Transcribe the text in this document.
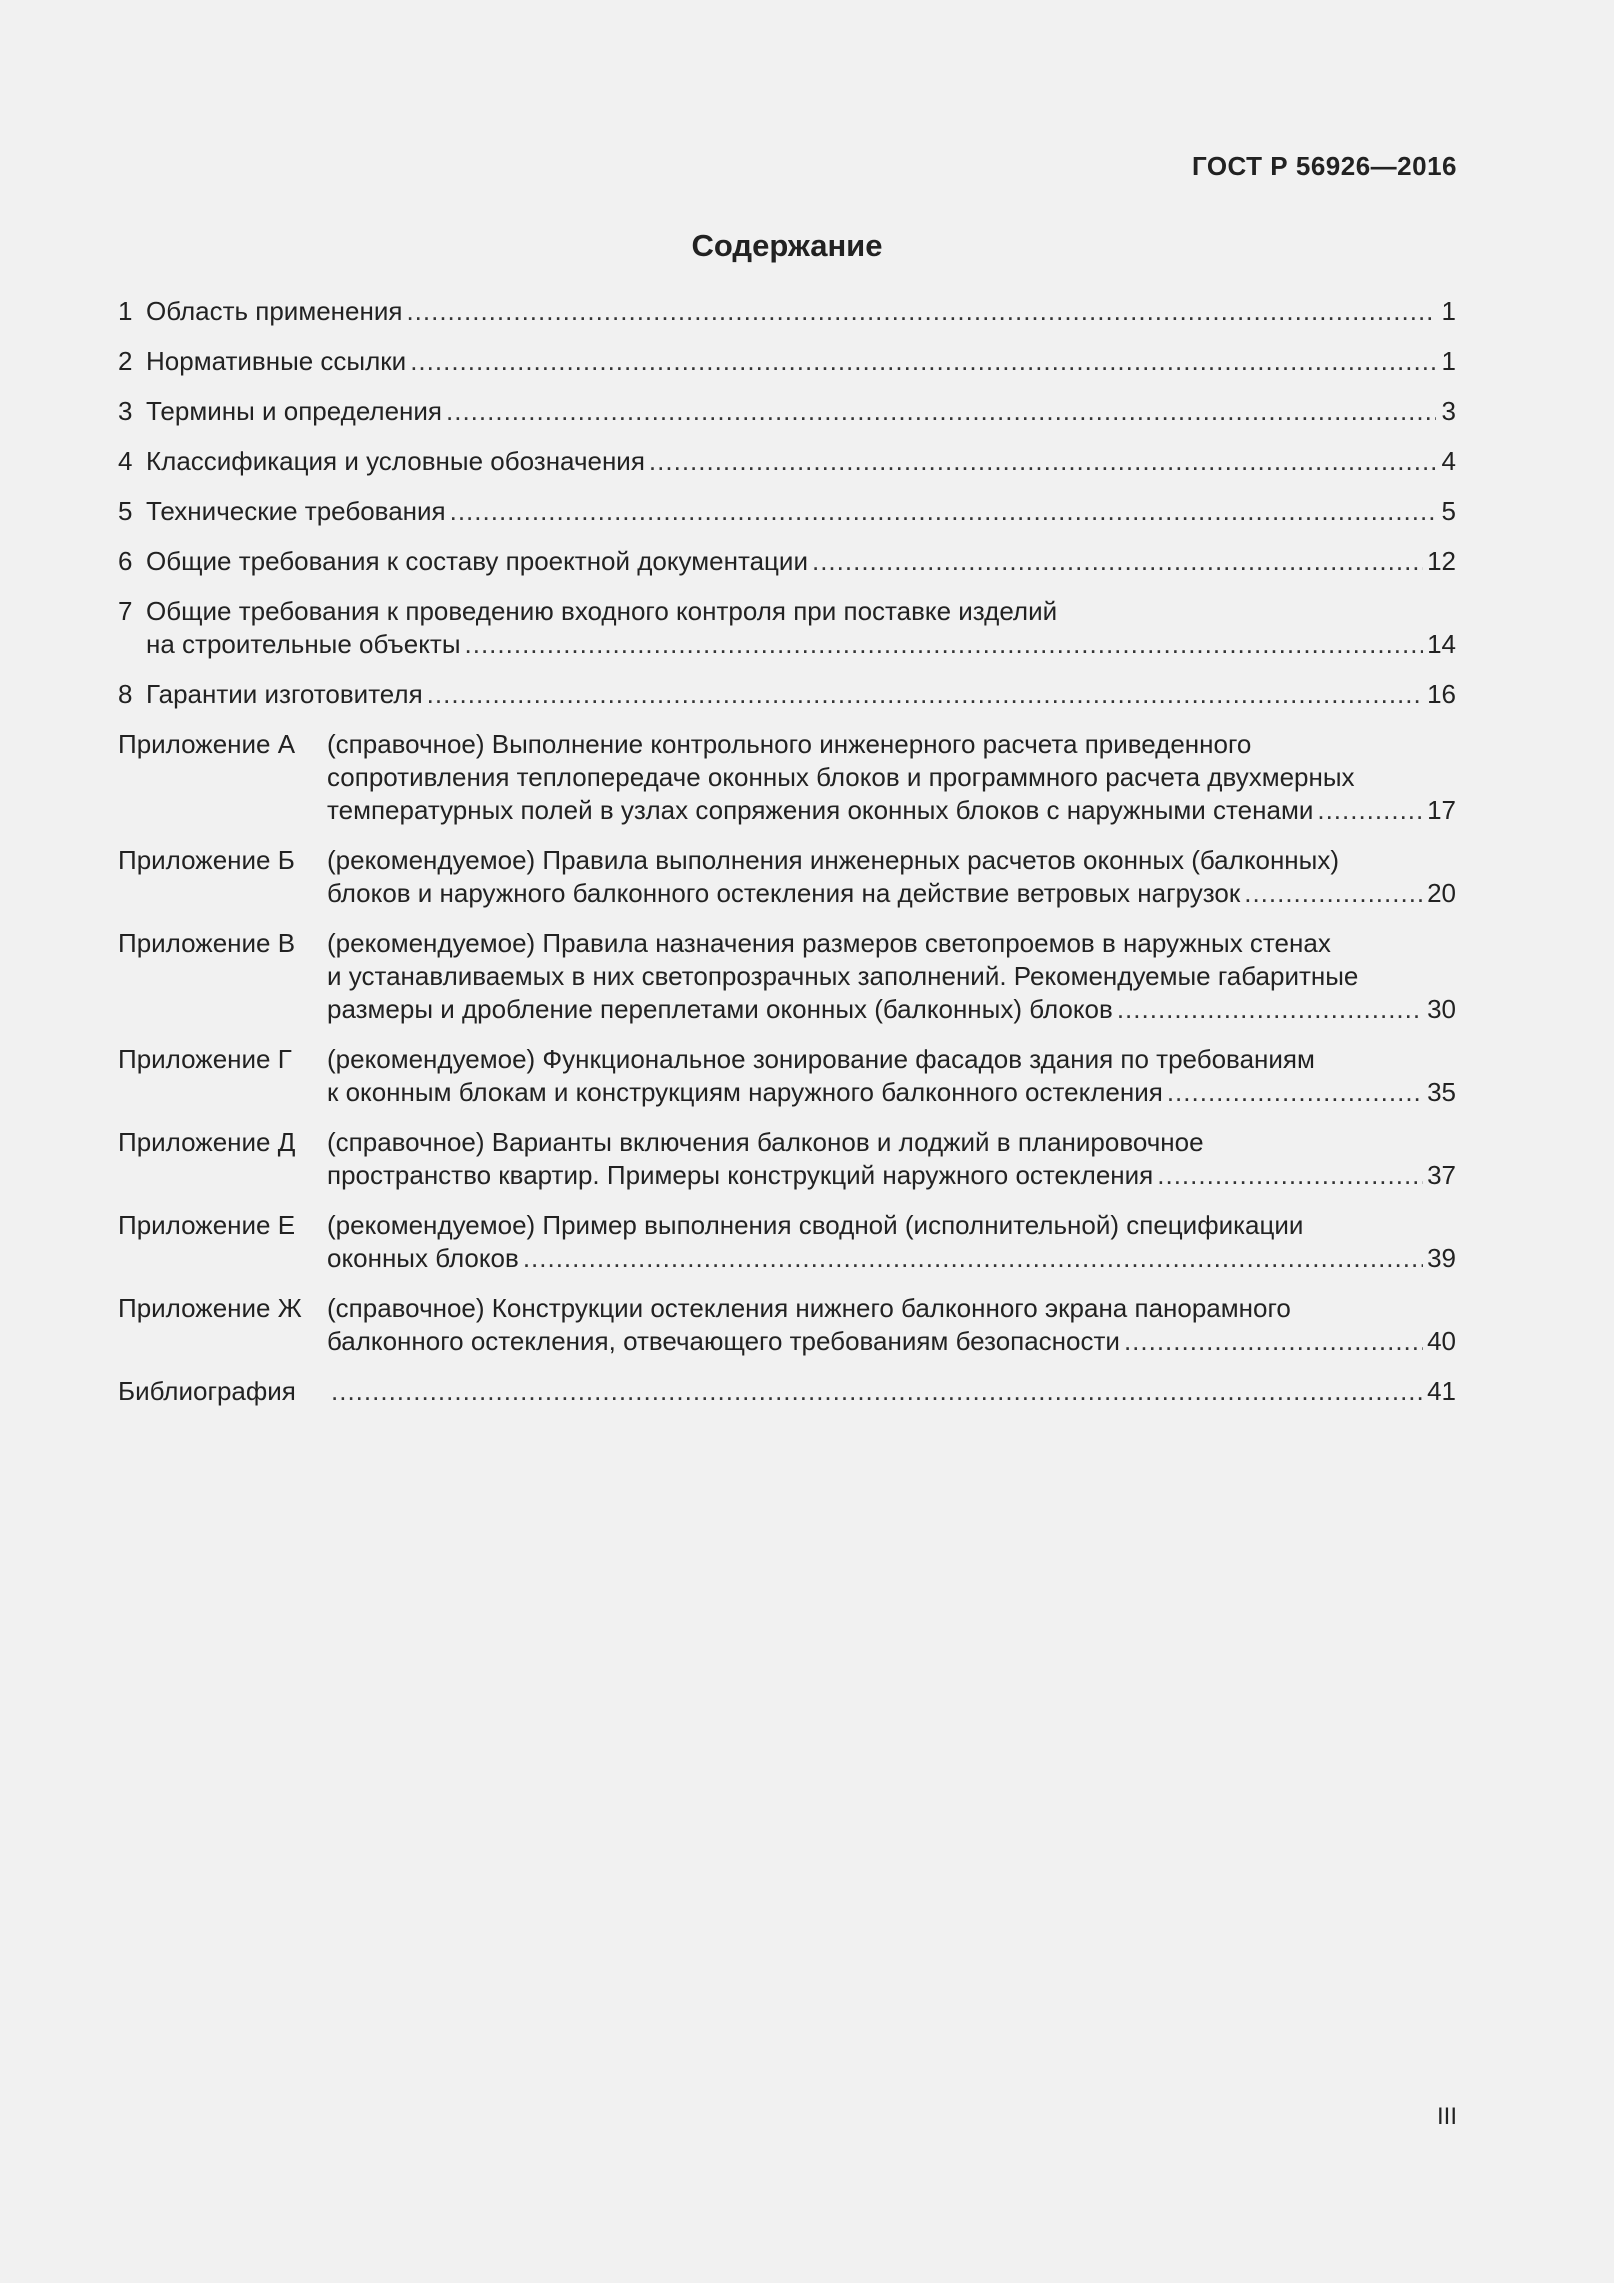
ГОСТ Р 56926—2016
Содержание
1 Область применения .....	1
2 Нормативные ссылки .....	1
3 Термины и определения .....	3
4 Классификация и условные обозначения .....	4
5 Технические требования .....	5
6 Общие требования к составу проектной документации .....	12
7 Общие требования к проведению входного контроля при поставке изделий
на строительные объекты .....	14
8 Гарантии изготовителя .....	16
Приложение А	(справочное) Выполнение контрольного инженерного расчета приведенного
сопротивления теплопередаче оконных блоков и программного расчета двухмерных
температурных полей в узлах сопряжения оконных блоков с наружными стенами .....	17
Приложение Б	(рекомендуемое) Правила выполнения инженерных расчетов оконных (балконных)
блоков и наружного балконного остекления на действие ветровых нагрузок .....	20
Приложение В	(рекомендуемое) Правила назначения размеров светопроемов в наружных стенах
и устанавливаемых в них светопрозрачных заполнений. Рекомендуемые габаритные
размеры и дробление переплетами оконных (балконных) блоков .....	30
Приложение Г	(рекомендуемое) Функциональное зонирование фасадов здания по требованиям
к оконным блокам и конструкциям наружного балконного остекления .....	35
Приложение Д	(справочное) Варианты включения балконов и лоджий в планировочное
пространство квартир. Примеры конструкций наружного остекления .....	37
Приложение Е	(рекомендуемое) Пример выполнения сводной (исполнительной) спецификации
оконных блоков .....	39
Приложение Ж (справочное) Конструкции остекления нижнего балконного экрана панорамного
балконного остекления, отвечающего требованиям безопасности .....	40
Библиография .....	41
III
